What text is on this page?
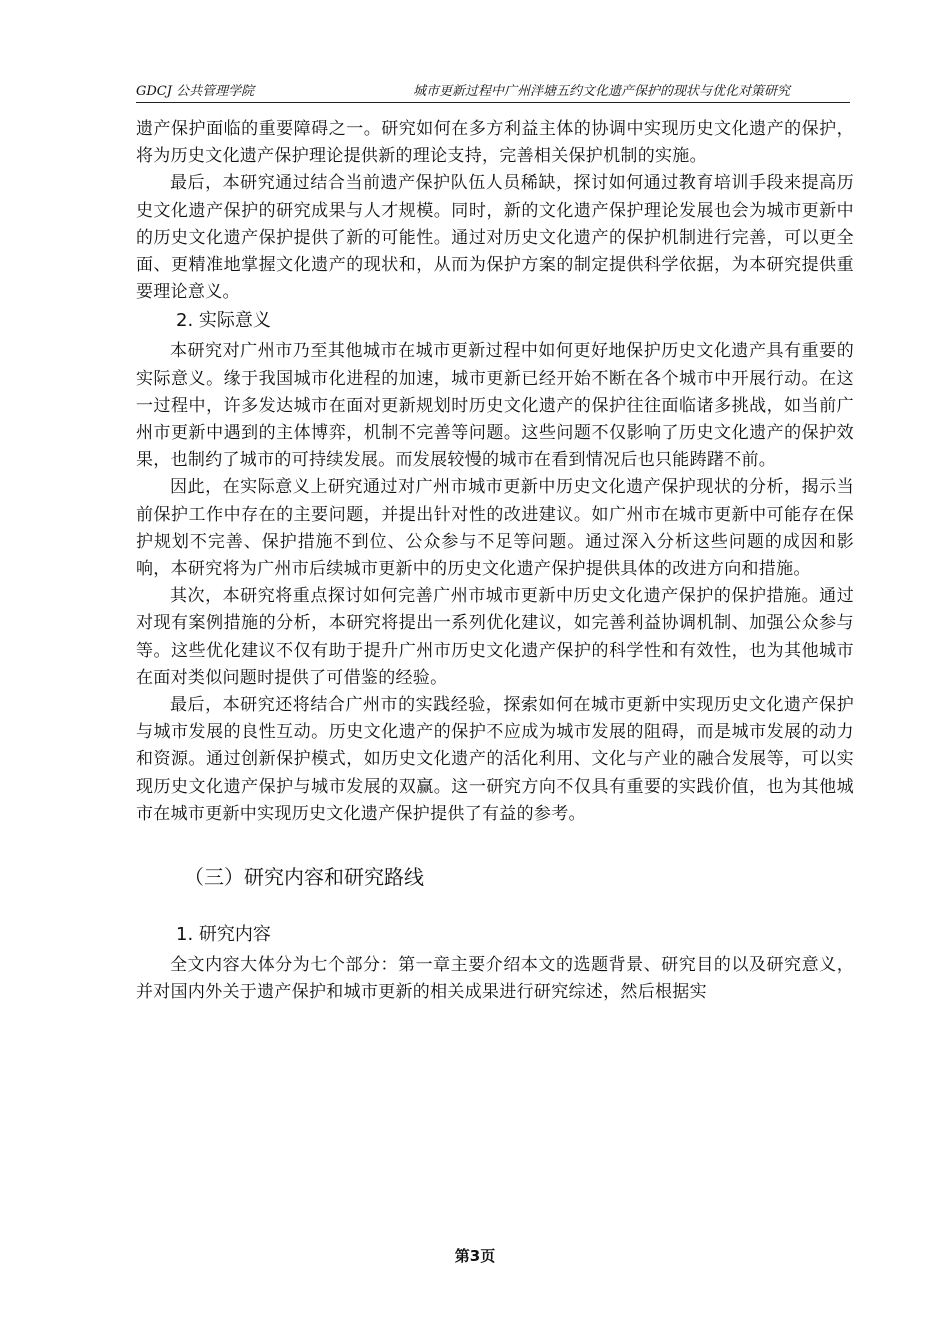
GDCJ 公共管理学院	城市更新过程中广州泮塘五约文化遗产保护的现状与优化对策研究

遗产保护面临的重要障碍之一。研究如何在多方利益主体的协调中实现历史文化遗产的保护，将为历史文化遗产保护理论提供新的理论支持，完善相关保护机制的实施。

最后，本研究通过结合当前遗产保护队伍人员稀缺，探讨如何通过教育培训手段来提高历史文化遗产保护的研究成果与人才规模。同时，新的文化遗产保护理论发展也会为城市更新中的历史文化遗产保护提供了新的可能性。通过对历史文化遗产的保护机制进行完善，可以更全面、更精准地掌握文化遗产的现状和，从而为保护方案的制定提供科学依据，为本研究提供重要理论意义。

2. 实际意义

本研究对广州市乃至其他城市在城市更新过程中如何更好地保护历史文化遗产具有重要的实际意义。缘于我国城市化进程的加速，城市更新已经开始不断在各个城市中开展行动。在这一过程中，许多发达城市在面对更新规划时历史文化遗产的保护往往面临诸多挑战，如当前广州市更新中遇到的主体博弈，机制不完善等问题。这些问题不仅影响了历史文化遗产的保护效果，也制约了城市的可持续发展。而发展较慢的城市在看到情况后也只能踌躇不前。

因此，在实际意义上研究通过对广州市城市更新中历史文化遗产保护现状的分析，揭示当前保护工作中存在的主要问题，并提出针对性的改进建议。如广州市在城市更新中可能存在保护规划不完善、保护措施不到位、公众参与不足等问题。通过深入分析这些问题的成因和影响，本研究将为广州市后续城市更新中的历史文化遗产保护提供具体的改进方向和措施。

其次，本研究将重点探讨如何完善广州市城市更新中历史文化遗产保护的保护措施。通过对现有案例措施的分析，本研究将提出一系列优化建议，如完善利益协调机制、加强公众参与等。这些优化建议不仅有助于提升广州市历史文化遗产保护的科学性和有效性，也为其他城市在面对类似问题时提供了可借鉴的经验。

最后，本研究还将结合广州市的实践经验，探索如何在城市更新中实现历史文化遗产保护与城市发展的良性互动。历史文化遗产的保护不应成为城市发展的阻碍，而是城市发展的动力和资源。通过创新保护模式，如历史文化遗产的活化利用、文化与产业的融合发展等，可以实现历史文化遗产保护与城市发展的双赢。这一研究方向不仅具有重要的实践价值，也为其他城市在城市更新中实现历史文化遗产保护提供了有益的参考。

（三）研究内容和研究路线
1. 研究内容

全文内容大体分为七个部分：第一章主要介绍本文的选题背景、研究目的以及研究意义，并对国内外关于遗产保护和城市更新的相关成果进行研究综述，然后根据实

第3页
